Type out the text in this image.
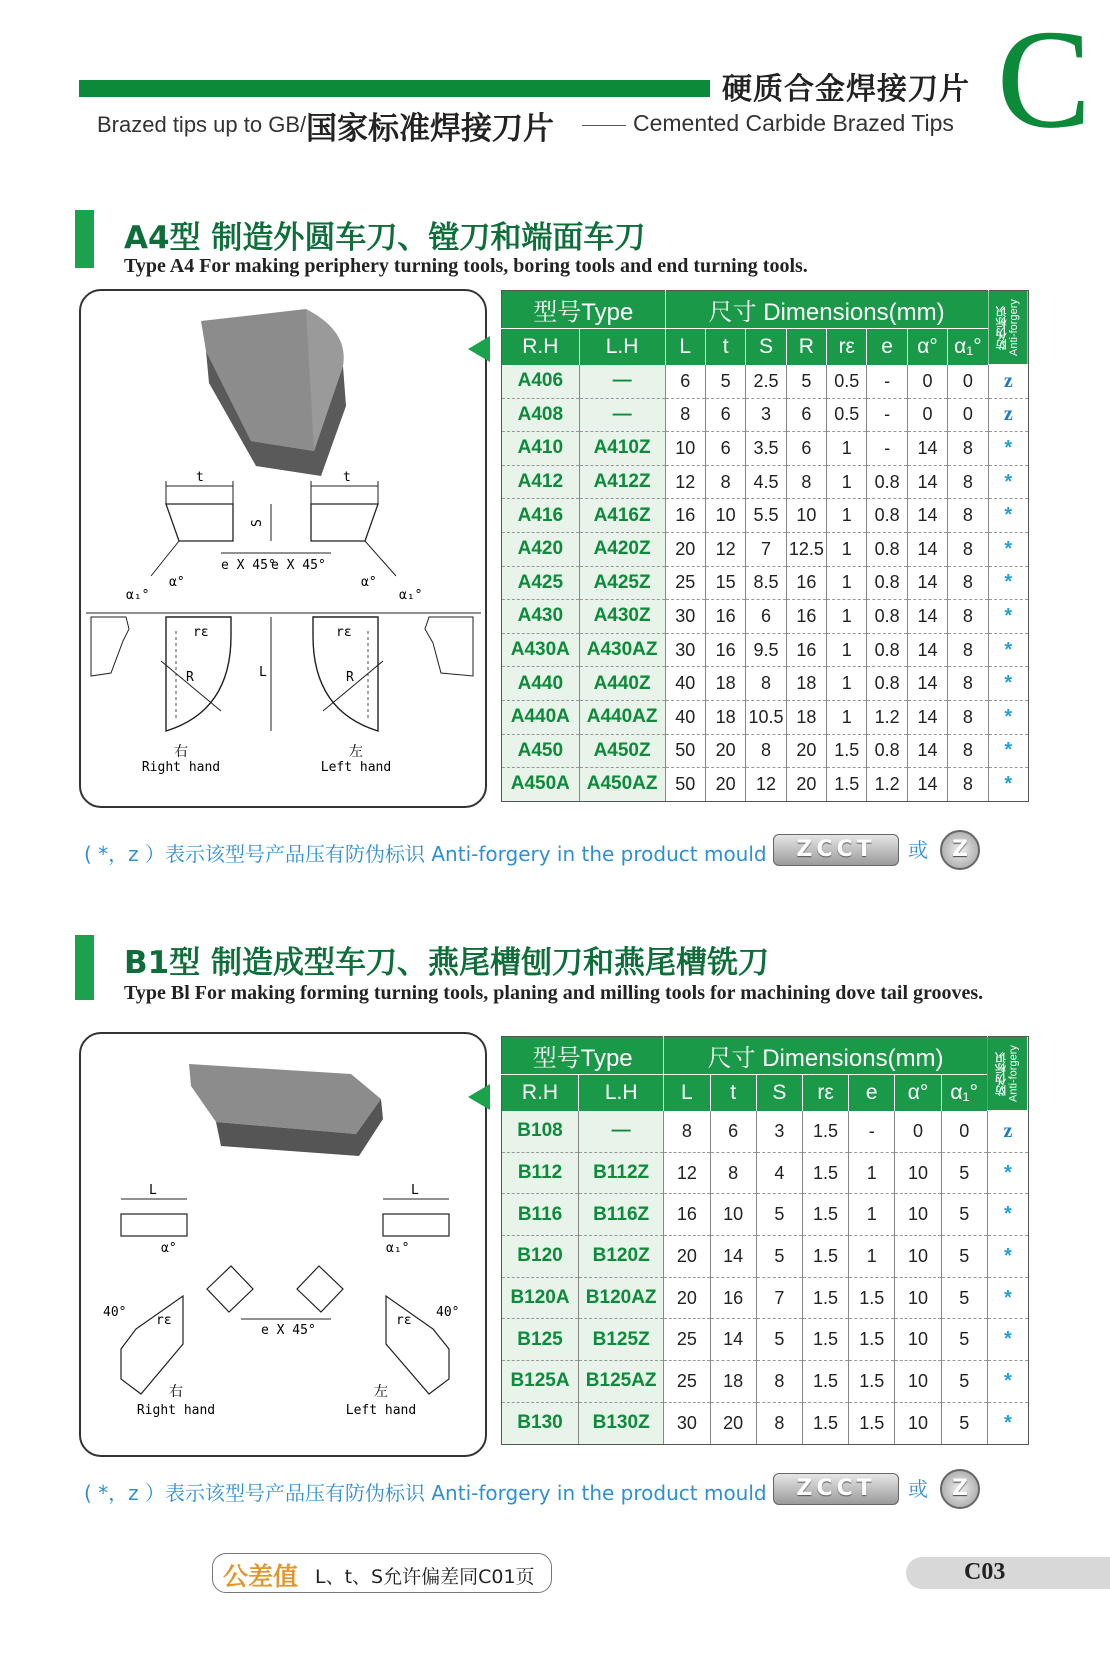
硬质合金焊接刀片 C
Brazed tips up to GB/ 国家标准焊接刀片	Cemented Carbide Brazed Tips
A4型 制造外圆车刀、镗刀和端面车刀
Type A4 For making periphery turning tools, boring tools and end turning tools.
t	t
S
e X 45°
e X 45°
α°	α°
α₁°	α₁°
rε	rε
R	R
L
右
Right hand
左
Left hand
型号Type		尺寸 Dimensions(mm)								防伪标识
Anti-forgery
R.H	L.H	L	t	S	R	rε	e	α°	α₁°	
A406	—	6	5	2.5	5	0.5	-	0	0	z
A408	—	8	6	3	6	0.5	-	0	0	z
A410	A410Z	10	6	3.5	6	1	-	14	8	*
A412	A412Z	12	8	4.5	8	1	0.8	14	8	*
A416	A416Z	16	10	5.5	10	1	0.8	14	8	*
A420	A420Z	20	12	7	12.5	1	0.8	14	8	*
A425	A425Z	25	15	8.5	16	1	0.8	14	8	*
A430	A430Z	30	16	6	16	1	0.8	14	8	*
A430A	A430AZ	30	16	9.5	16	1	0.8	14	8	*
A440	A440Z	40	18	8	18	1	0.8	14	8	*
A440A	A440AZ	40	18	10.5	18	1	1.2	14	8	*
A450	A450Z	50	20	8	20	1.5	0.8	14	8	*
A450A	A450AZ	50	20	12	20	1.5	1.2	14	8	*
( *，z ）表示该型号产品压有防伪标识 Anti-forgery in the product mould	ZCCT	或	Z
B1型 制造成型车刀、燕尾槽刨刀和燕尾槽铣刀
Type Bl For making forming turning tools, planing and milling tools for machining dove tail grooves.
L	L
e X 45°
40°	40°
rε	rε
α°	α₁°
右
Right hand
左
Left hand
型号Type		尺寸 Dimensions(mm)							防伪标识
Anti-forgery
R.H	L.H	L	t	S	rε	e	α°	α₁°	
B108	—	8	6	3	1.5	-	0	0	z
B112	B112Z	12	8	4	1.5	1	10	5	*
B116	B116Z	16	10	5	1.5	1	10	5	*
B120	B120Z	20	14	5	1.5	1	10	5	*
B120A	B120AZ	20	16	7	1.5	1.5	10	5	*
B125	B125Z	25	14	5	1.5	1.5	10	5	*
B125A	B125AZ	25	18	8	1.5	1.5	10	5	*
B130	B130Z	30	20	8	1.5	1.5	10	5	*
( *，z ）表示该型号产品压有防伪标识 Anti-forgery in the product mould	ZCCT	或	Z
公差值 L、t、S允许偏差同C01页	C03
